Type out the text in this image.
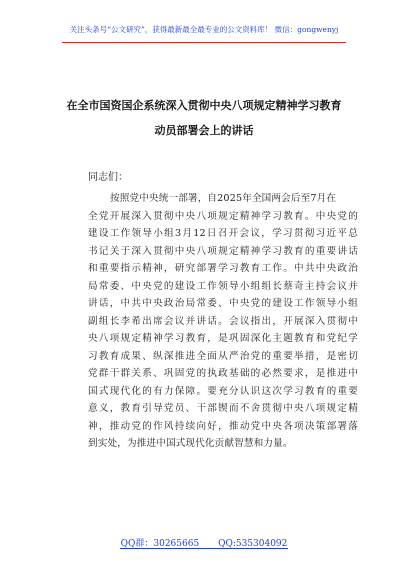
关注头条号“公文研究”，获得最新最全最专业的公文资料库！ 微信：gongwenyj
在全市国资国企系统深入贯彻中央八项规定精神学习教育
动员部署会上的讲话
同志们：
按照党中央统一部署，自2025年全国两会后至7月在
全党开展深入贯彻中央八项规定精神学习教育。中央党的
建设工作领导小组3月12日召开会议，学习贯彻习近平总
书记关于深入贯彻中央八项规定精神学习教育的重要讲话
和重要指示精神，研究部署学习教育工作。中共中央政治
局常委、中央党的建设工作领导小组组长蔡奇主持会议并
讲话，中共中央政治局常委、中央党的建设工作领导小组
副组长李希出席会议并讲话。会议指出，开展深入贯彻中
央八项规定精神学习教育，是巩固深化主题教育和党纪学
习教育成果、纵深推进全面从严治党的重要举措，是密切
党群干群关系、巩固党的执政基础的必然要求，是推进中
国式现代化的有力保障。要充分认识这次学习教育的重要
意义，教育引导党员、干部锲而不舍贯彻中央八项规定精
神，推动党的作风持续向好，推动党中央各项决策部署落
到实处，为推进中国式现代化贡献智慧和力量。
QQ群：30265665 QQ:535304092
